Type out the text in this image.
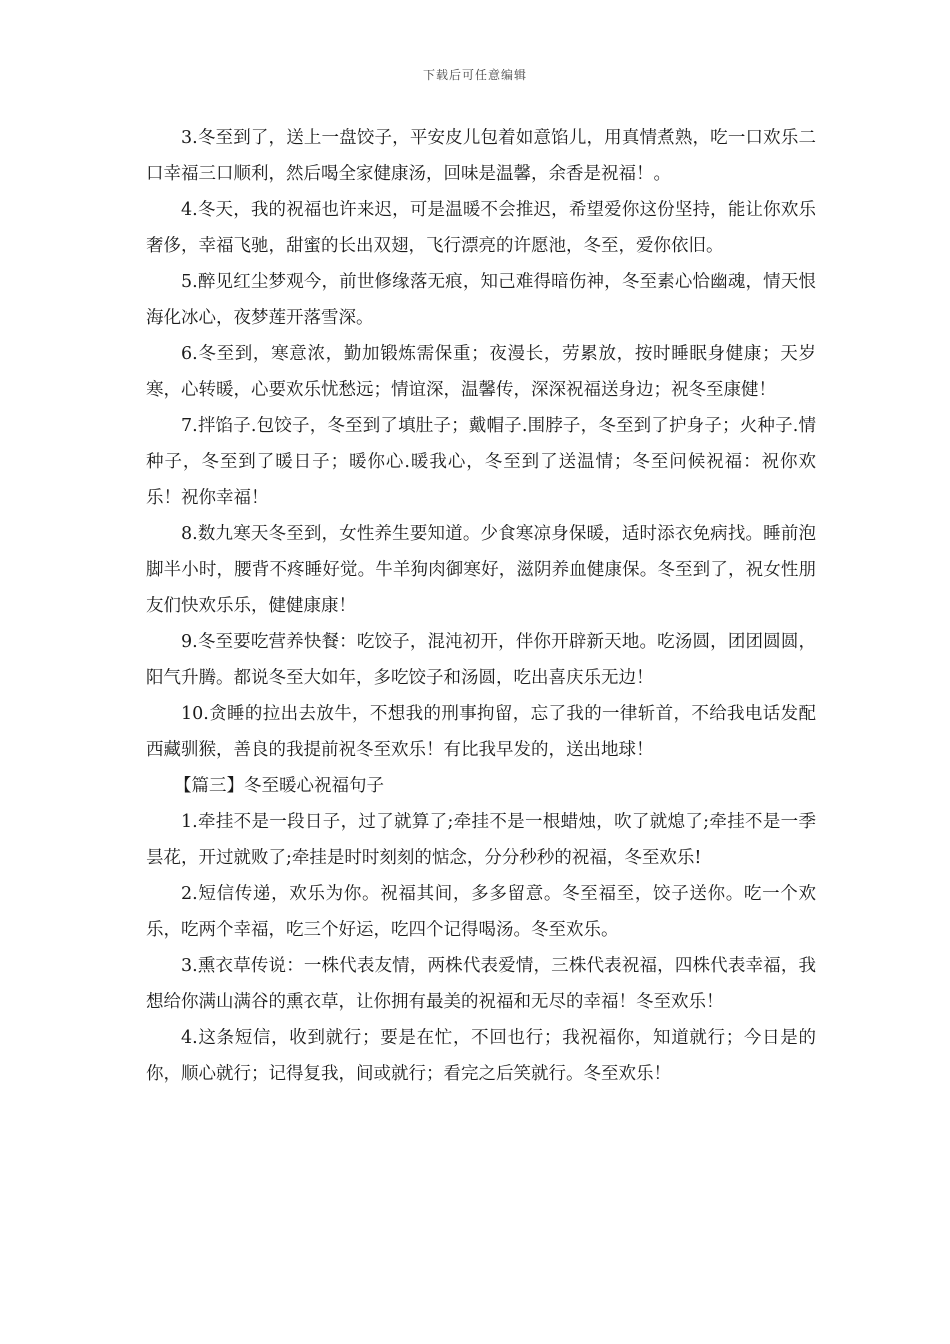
下载后可任意编辑

3.冬至到了，送上一盘饺子，平安皮儿包着如意馅儿，用真情煮熟，吃一口欢乐二口幸福三口顺利，然后喝全家健康汤，回味是温馨，余香是祝福！。

4.冬天，我的祝福也许来迟，可是温暖不会推迟，希望爱你这份坚持，能让你欢乐奢侈，幸福飞驰，甜蜜的长出双翅，飞行漂亮的许愿池，冬至，爱你依旧。

5.醉见红尘梦观今，前世修缘落无痕，知己难得暗伤神，冬至素心恰幽魂，情天恨海化冰心，夜梦莲开落雪深。

6.冬至到，寒意浓，勤加锻炼需保重；夜漫长，劳累放，按时睡眠身健康；天岁寒，心转暖，心要欢乐忧愁远；情谊深，温馨传，深深祝福送身边；祝冬至康健！

7.拌馅子.包饺子，冬至到了填肚子；戴帽子.围脖子，冬至到了护身子；火种子.情种子，冬至到了暖日子；暖你心.暖我心，冬至到了送温情；冬至问候祝福：祝你欢乐！祝你幸福！

8.数九寒天冬至到，女性养生要知道。少食寒凉身保暖，适时添衣免病找。睡前泡脚半小时，腰背不疼睡好觉。牛羊狗肉御寒好，滋阴养血健康保。冬至到了，祝女性朋友们快欢乐乐，健健康康！

9.冬至要吃营养快餐：吃饺子，混沌初开，伴你开辟新天地。吃汤圆，团团圆圆，阳气升腾。都说冬至大如年，多吃饺子和汤圆，吃出喜庆乐无边！

10.贪睡的拉出去放牛，不想我的刑事拘留，忘了我的一律斩首，不给我电话发配西藏驯猴，善良的我提前祝冬至欢乐！有比我早发的，送出地球！

【篇三】冬至暖心祝福句子

1.牵挂不是一段日子，过了就算了;牵挂不是一根蜡烛，吹了就熄了;牵挂不是一季昙花，开过就败了;牵挂是时时刻刻的惦念，分分秒秒的祝福，冬至欢乐!

2.短信传递，欢乐为你。祝福其间，多多留意。冬至福至，饺子送你。吃一个欢乐，吃两个幸福，吃三个好运，吃四个记得喝汤。冬至欢乐。

3.熏衣草传说：一株代表友情，两株代表爱情，三株代表祝福，四株代表幸福，我想给你满山满谷的熏衣草，让你拥有最美的祝福和无尽的幸福！冬至欢乐！

4.这条短信，收到就行；要是在忙，不回也行；我祝福你，知道就行；今日是的你，顺心就行；记得复我，间或就行；看完之后笑就行。冬至欢乐！
